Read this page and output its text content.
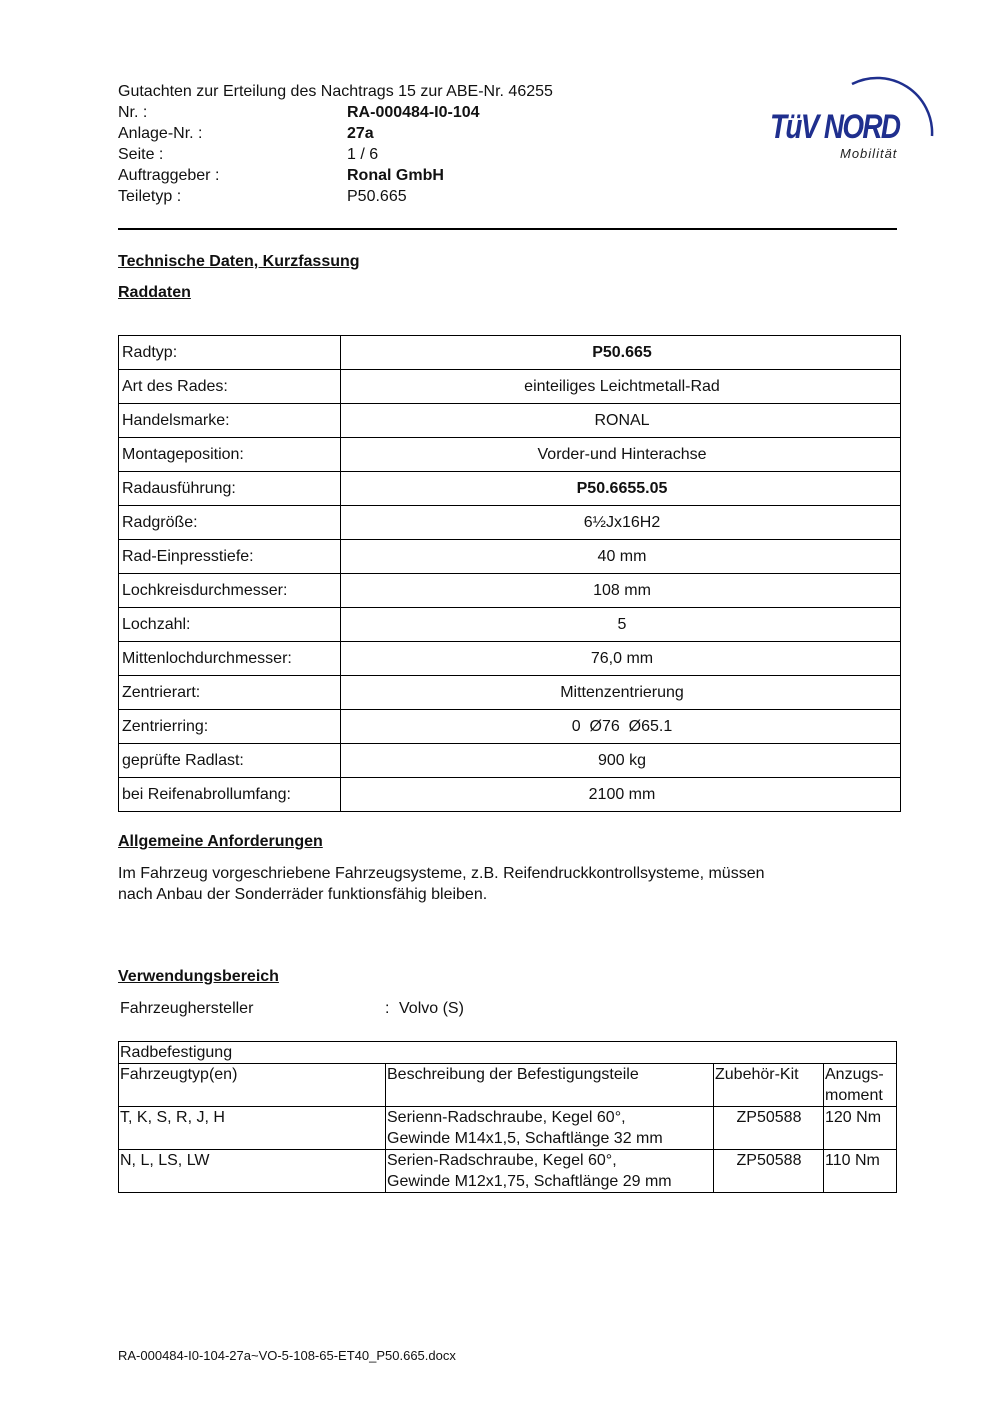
Gutachten zur Erteilung des Nachtrags 15 zur ABE-Nr. 46255
Nr. :	RA-000484-I0-104
Anlage-Nr. :	27a
Seite :	1 / 6
Auftraggeber :	Ronal GmbH
Teiletyp :	P50.665
TüV NORD
Mobilität
Technische Daten, Kurzfassung
Raddaten
Radtyp:	P50.665
Art des Rades:	einteiliges Leichtmetall-Rad
Handelsmarke:	RONAL
Montageposition:	Vorder-und Hinterachse
Radausführung:	P50.6655.05
Radgröße:	6½Jx16H2
Rad-Einpresstiefe:	40 mm
Lochkreisdurchmesser:	108 mm
Lochzahl:	5
Mittenlochdurchmesser:	76,0 mm
Zentrierart:	Mittenzentrierung
Zentrierring:	0  Ø76  Ø65.1
geprüfte Radlast:	900 kg
bei Reifenabrollumfang:	2100 mm
Allgemeine Anforderungen
Im Fahrzeug vorgeschriebene Fahrzeugsysteme, z.B. Reifendruckkontrollsysteme, müssen
nach Anbau der Sonderräder funktionsfähig bleiben.
Verwendungsbereich
Fahrzeughersteller	: Volvo (S)
Radbefestigung			
Fahrzeugtyp(en)	Beschreibung der Befestigungsteile	Zubehör-Kit	Anzugs-
moment
T, K, S, R, J, H	Serienn-Radschraube, Kegel 60°,
Gewinde M14x1,5, Schaftlänge 32 mm	ZP50588	120 Nm
N, L, LS, LW	Serien-Radschraube, Kegel 60°,
Gewinde M12x1,75, Schaftlänge 29 mm	ZP50588	110 Nm
RA-000484-I0-104-27a~VO-5-108-65-ET40_P50.665.docx
